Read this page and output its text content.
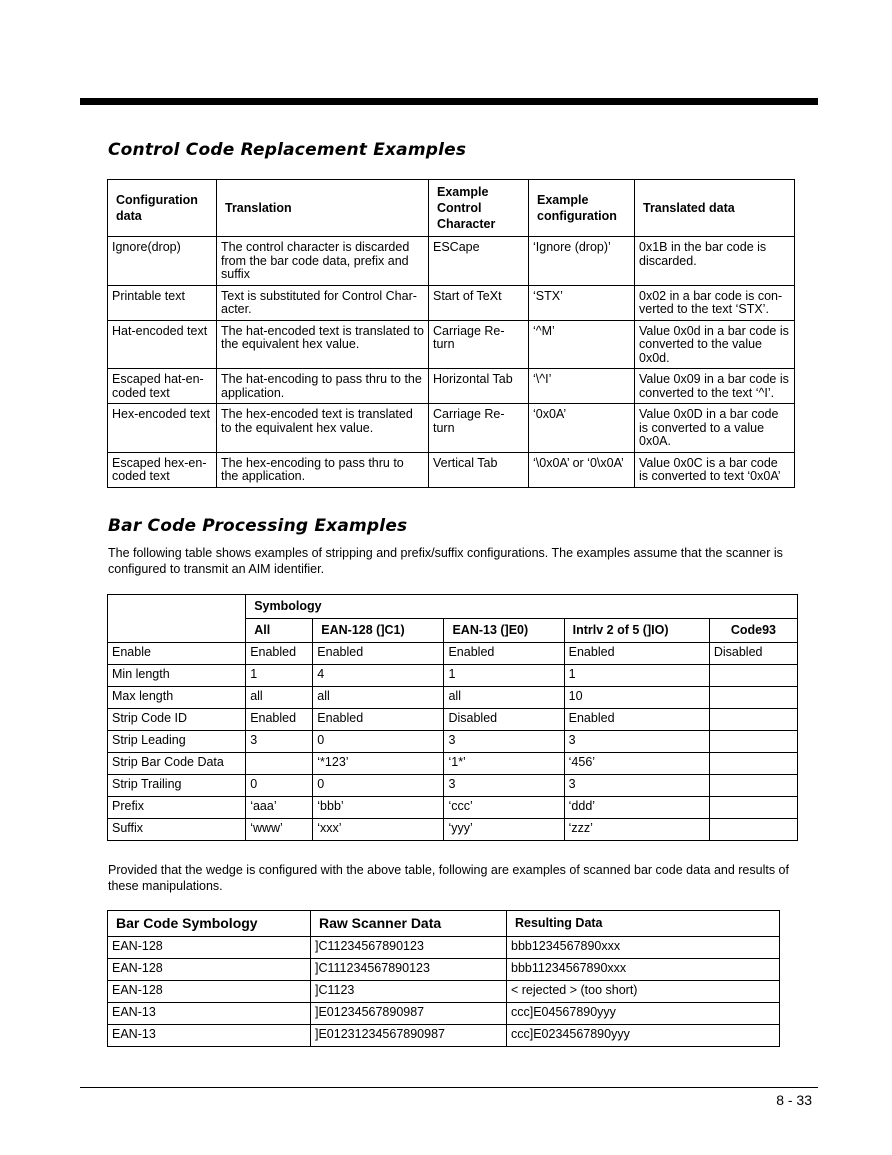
Control Code Replacement Examples
Configuration data	Translation	Example Control Character	Example configuration	Translated data
Ignore(drop)	The control character is discarded from the bar code data, prefix and suffix	ESCape	‘Ignore (drop)’	0x1B in the bar code is discarded.
Printable text	Text is substituted for Control Char-acter.	Start of TeXt	‘STX’	0x02 in a bar code is con-verted to the text ‘STX’.
Hat-encoded text	The hat-encoded text is translated to the equivalent hex value.	Carriage Re-turn	‘^M’	Value 0x0d in a bar code is converted to the value 0x0d.
Escaped hat-en-coded text	The hat-encoding to pass thru to the application.	Horizontal Tab	‘\^I’	Value 0x09 in a bar code is converted to the text ‘^I’.
Hex-encoded text	The hex-encoded text is translated to the equivalent hex value.	Carriage Re-turn	‘0x0A’	Value 0x0D in a bar code is converted to a value 0x0A.
Escaped hex-en-coded text	The hex-encoding to pass thru to the application.	Vertical Tab	‘\0x0A’ or ‘0\x0A’	Value 0x0C is a bar code is converted to text ‘0x0A’
Bar Code Processing Examples

The following table shows examples of stripping and prefix/suffix configurations. The examples assume that the scanner is configured to transmit an AIM identifier.

	Symbology				
	All	EAN-128 (]C1)	EAN-13 (]E0)	Intrlv 2 of 5 (]IO)	Code93
Enable	Enabled	Enabled	Enabled	Enabled	Disabled
Min length	1	4	1	1	
Max length	all	all	all	10	
Strip Code ID	Enabled	Enabled	Disabled	Enabled	
Strip Leading	3	0	3	3	
Strip Bar Code Data		‘*123’	‘1*’	‘456’	
Strip Trailing	0	0	3	3	
Prefix	‘aaa’	‘bbb’	‘ccc’	‘ddd’	
Suffix	‘www’	‘xxx’	‘yyy’	‘zzz’	

Provided that the wedge is configured with the above table, following are examples of scanned bar code data and results of these manipulations.

Bar Code Symbology	Raw Scanner Data	Resulting Data
EAN-128	]C11234567890123	bbb1234567890xxx
EAN-128	]C111234567890123	bbb11234567890xxx
EAN-128	]C1123	< rejected > (too short)
EAN-13	]E01234567890987	ccc]E04567890yyy
EAN-13	]E01231234567890987	ccc]E0234567890yyy
8 - 33
